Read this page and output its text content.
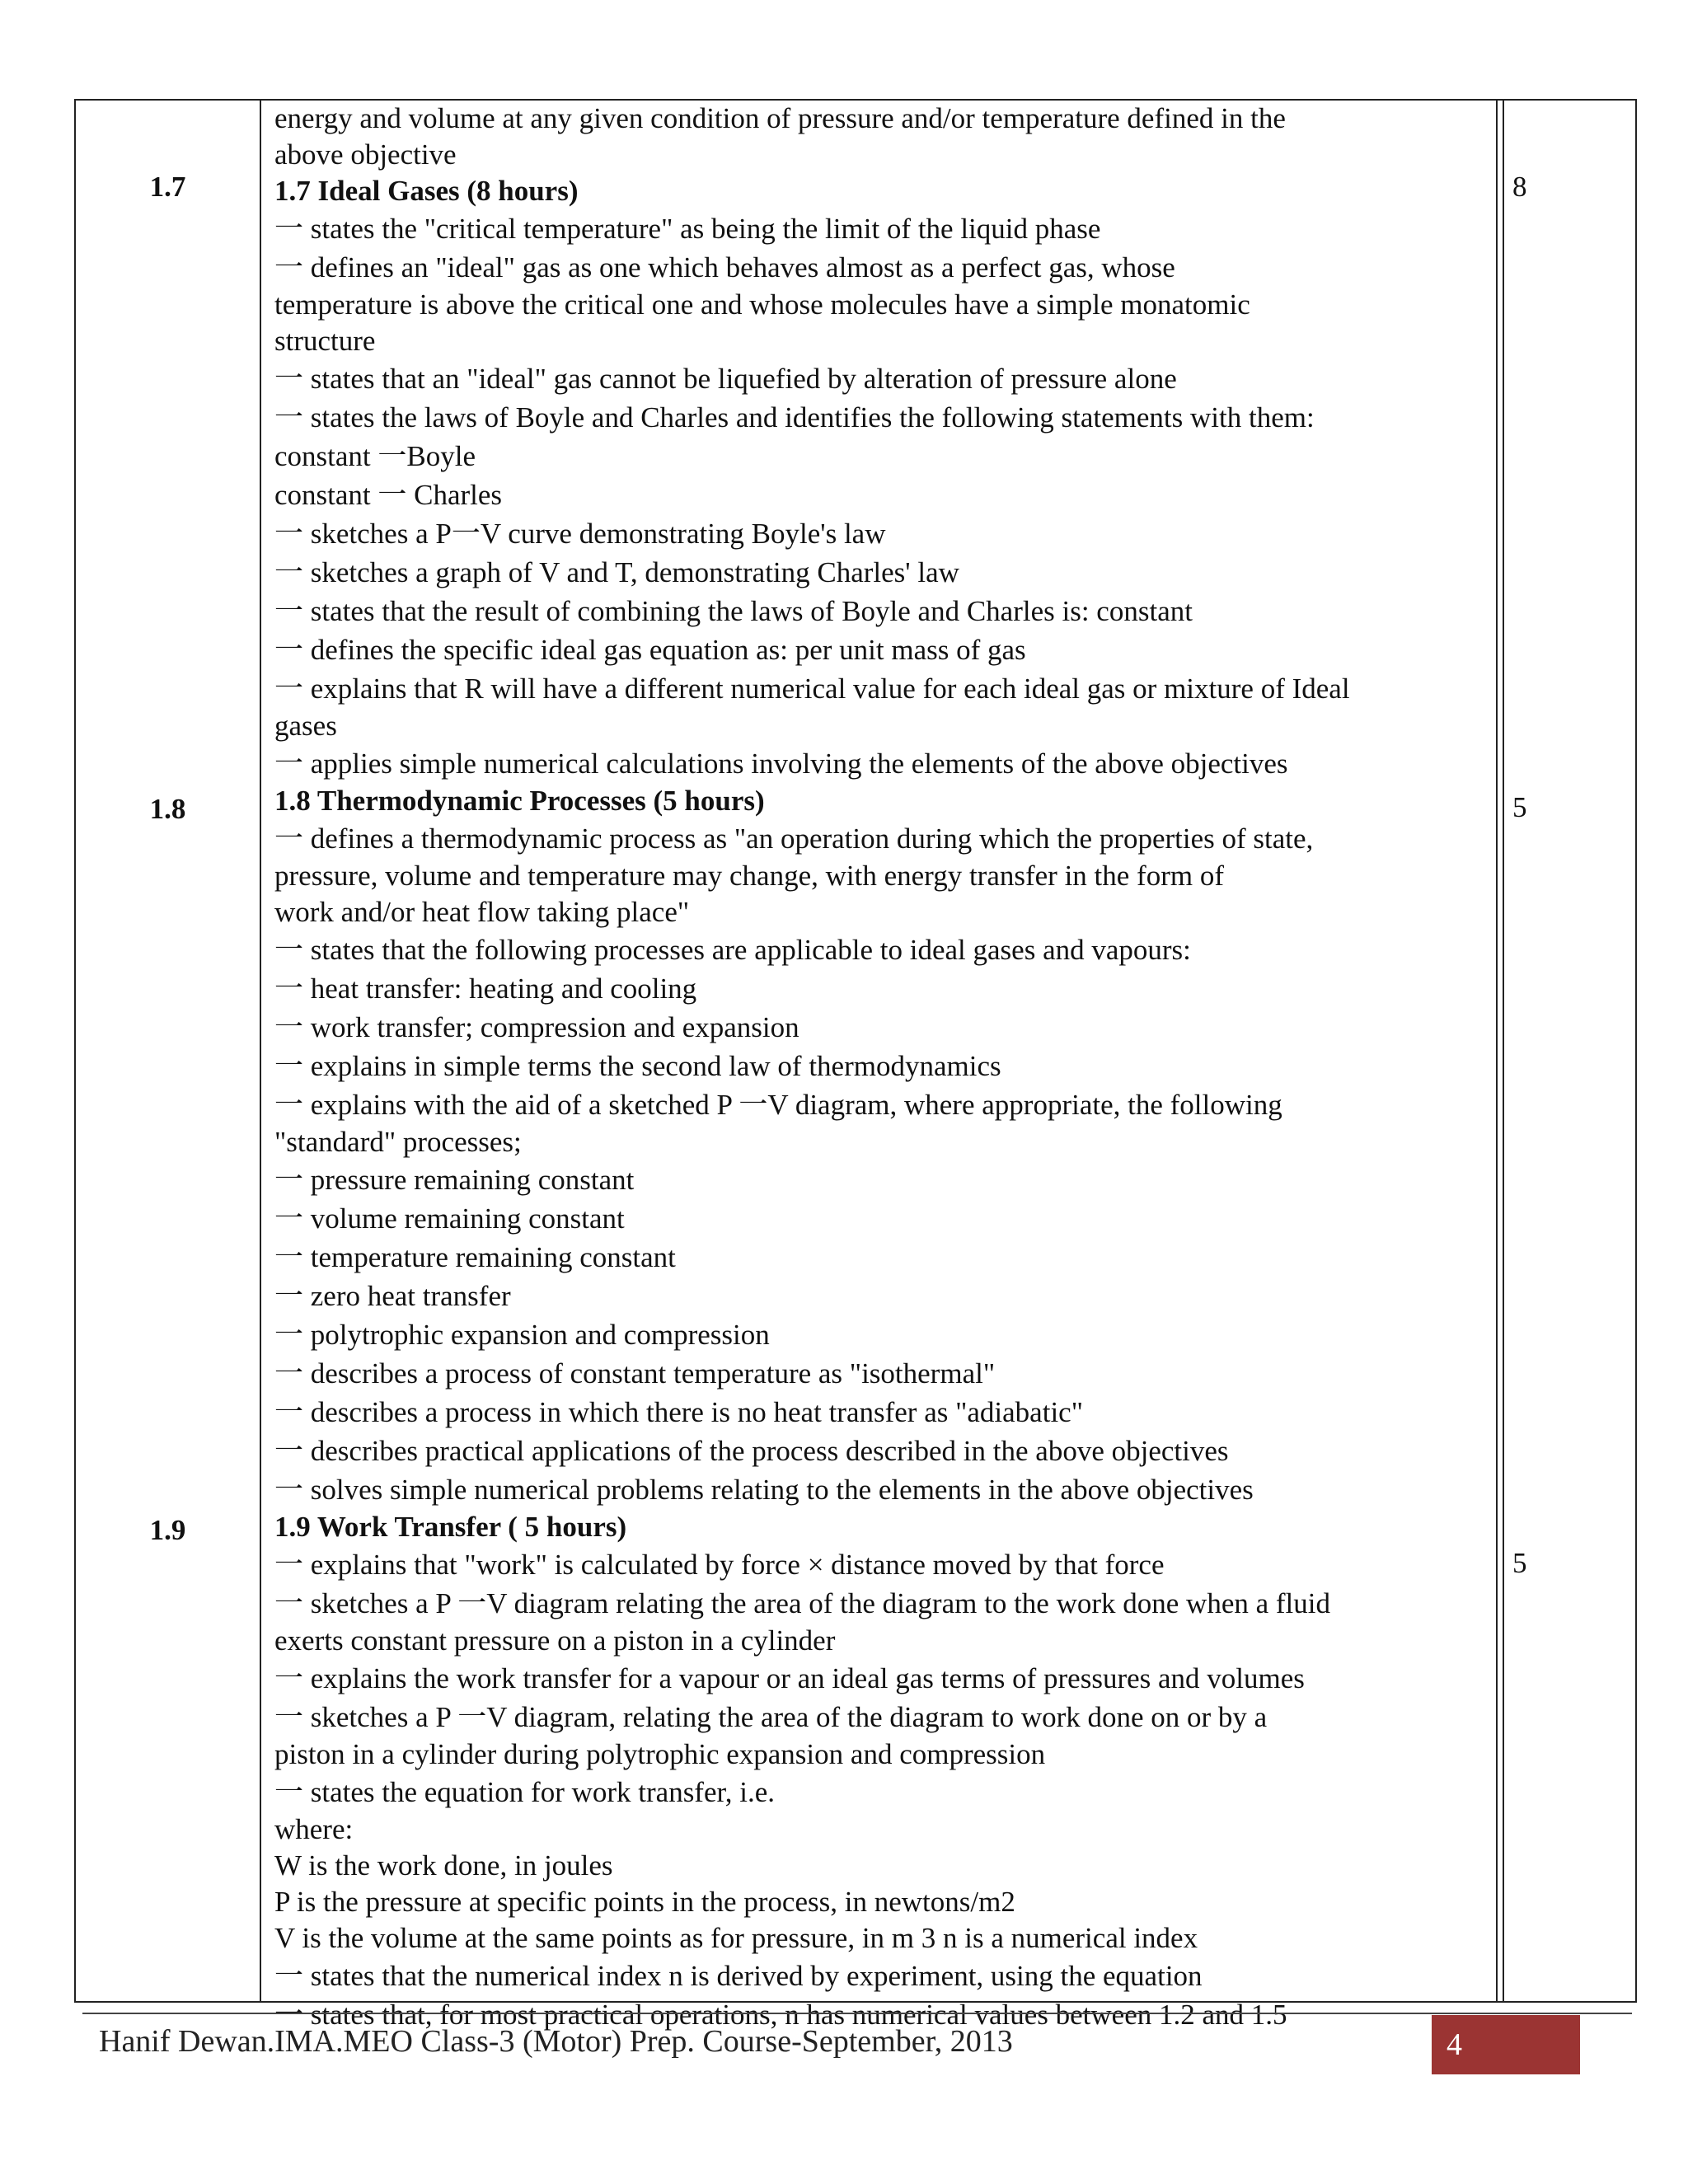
1.7
1.8
1.9
8
5
5
energy and volume at any given condition of pressure and/or temperature defined in the
above objective
1.7 Ideal Gases (8 hours)
一 states the "critical temperature" as being the limit of the liquid phase
一 defines an "ideal" gas as one which behaves almost as a perfect gas, whose
temperature is above the critical one and whose molecules have a simple monatomic
structure
一 states that an "ideal" gas cannot be liquefied by alteration of pressure alone
一 states the laws of Boyle and Charles and identifies the following statements with them:
constant 一Boyle
constant 一 Charles
一 sketches a P一V curve demonstrating Boyle's law
一 sketches a graph of V and T, demonstrating Charles' law
一 states that the result of combining the laws of Boyle and Charles is: constant
一 defines the specific ideal gas equation as: per unit mass of gas
一 explains that R will have a different numerical value for each ideal gas or mixture of Ideal
gases
一 applies simple numerical calculations involving the elements of the above objectives
1.8 Thermodynamic Processes (5 hours)
一 defines a thermodynamic process as "an operation during which the properties of state,
pressure, volume and temperature may change, with energy transfer in the form of
work and/or heat flow taking place"
一 states that the following processes are applicable to ideal gases and vapours:
一 heat transfer: heating and cooling
一 work transfer; compression and expansion
一 explains in simple terms the second law of thermodynamics
一 explains with the aid of a sketched P 一V diagram, where appropriate, the following
"standard" processes;
一 pressure remaining constant
一 volume remaining constant
一 temperature remaining constant
一 zero heat transfer
一 polytrophic expansion and compression
一 describes a process of constant temperature as "isothermal"
一 describes a process in which there is no heat transfer as "adiabatic"
一 describes practical applications of the process described in the above objectives
一 solves simple numerical problems relating to the elements in the above objectives
1.9 Work Transfer ( 5 hours)
一 explains that "work" is calculated by force × distance moved by that force
一 sketches a P 一V diagram relating the area of the diagram to the work done when a fluid
exerts constant pressure on a piston in a cylinder
一 explains the work transfer for a vapour or an ideal gas terms of pressures and volumes
一 sketches a P 一V diagram, relating the area of the diagram to work done on or by a
piston in a cylinder during polytrophic expansion and compression
一 states the equation for work transfer, i.e.
where:
W is the work done, in joules
P is the pressure at specific points in the process, in newtons/m2
V is the volume at the same points as for pressure, in m 3 n is a numerical index
一 states that the numerical index n is derived by experiment, using the equation
一 states that, for most practical operations, n has numerical values between 1.2 and 1.5
Hanif Dewan.IMA.MEO Class-3 (Motor) Prep. Course-September, 2013	4
